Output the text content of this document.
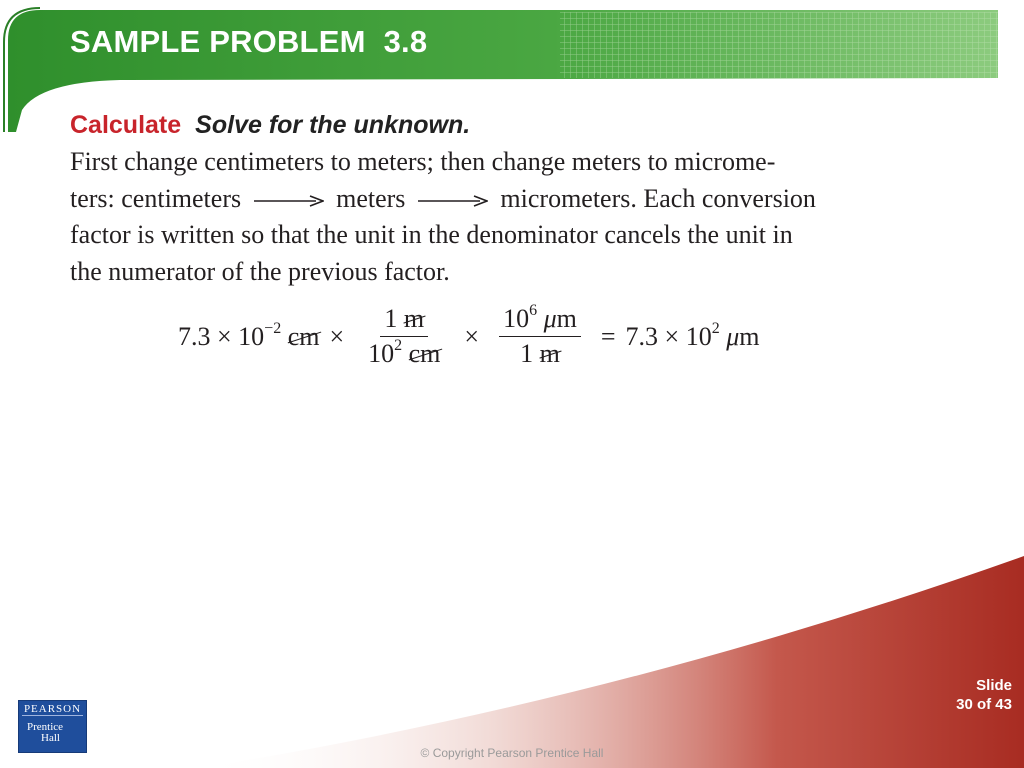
SAMPLE PROBLEM 3.8
Calculate Solve for the unknown.
First change centimeters to meters; then change meters to microme-
ters: centimeters	meters	micrometers. Each conversion
factor is written so that the unit in the denominator cancels the unit in
the numerator of the previous factor.
$7.3 \times 10^{-2}$ cm × $\frac{1 m}{10^2 cm} \times \frac{10^6 \mu m}{1 m} = 7.3 \times 10^2$ μm
PEARSON
Prentice
Hall
Slide
30 of 43
© Copyright Pearson Prentice Hall
